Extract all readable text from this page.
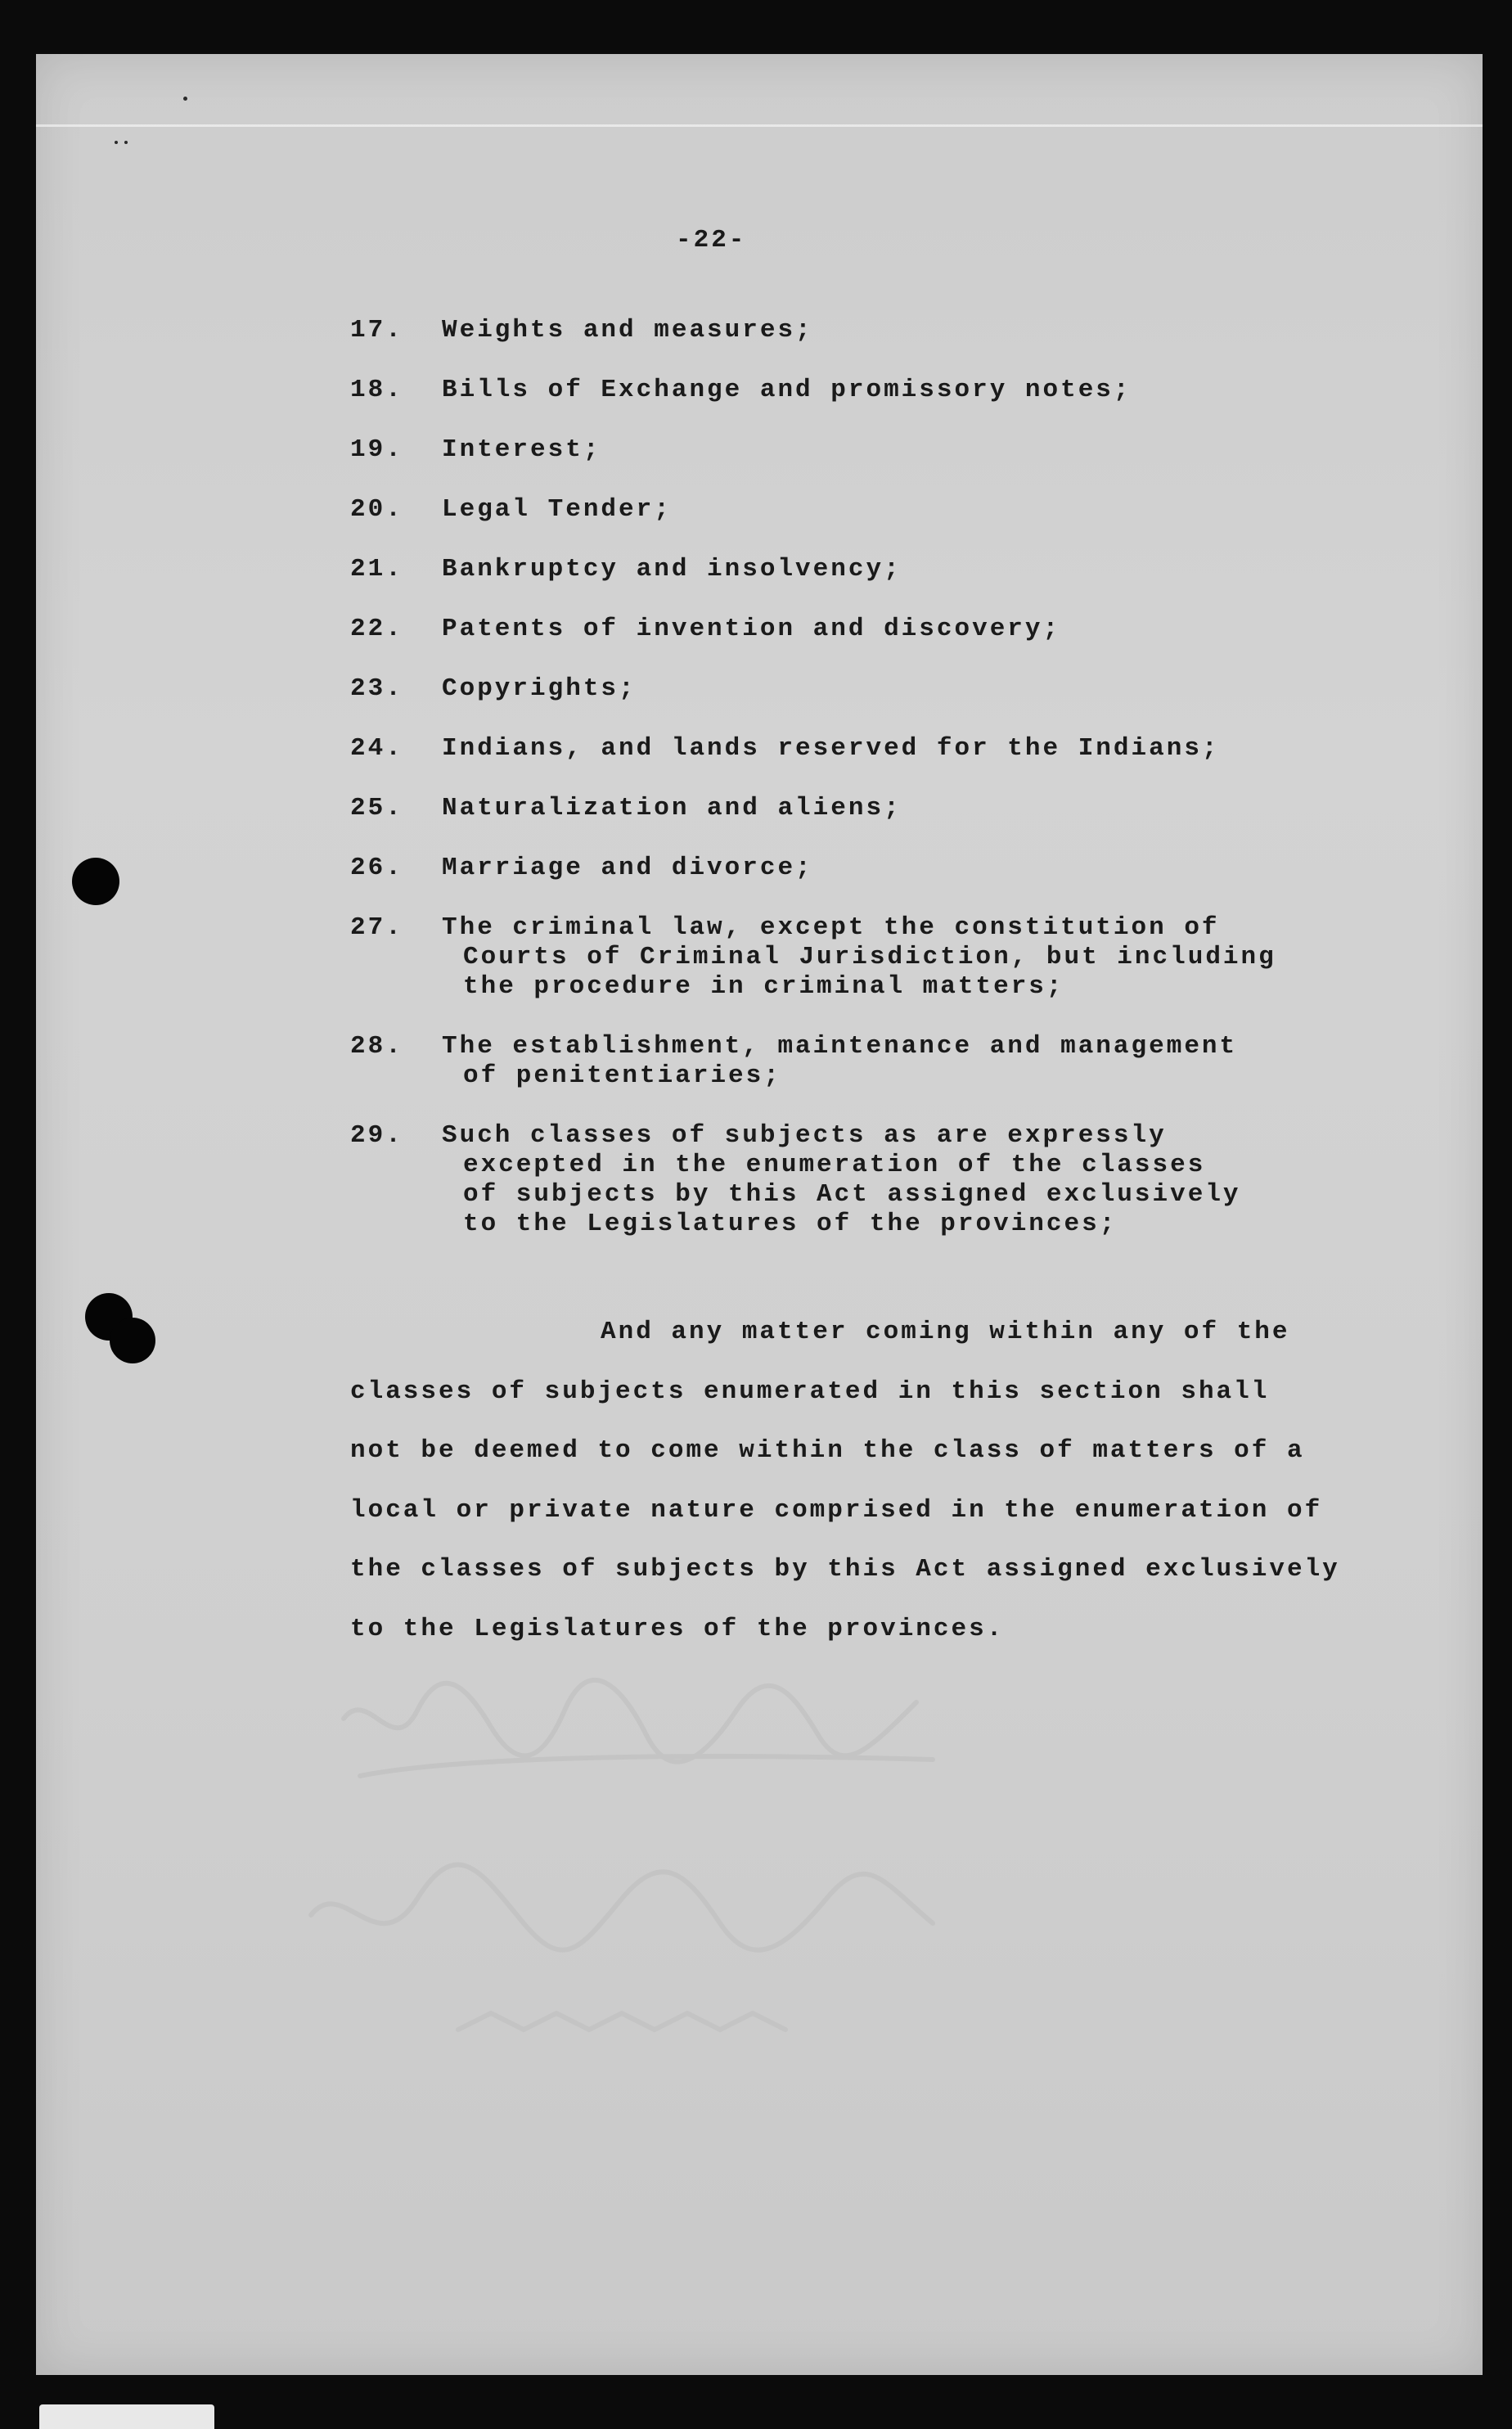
-22-
17.	Weights and measures;
18.	Bills of Exchange and promissory notes;
19.	Interest;
20.	Legal Tender;
21.	Bankruptcy and insolvency;
22.	Patents of invention and discovery;
23.	Copyrights;
24.	Indians, and lands reserved for the Indians;
25.	Naturalization and aliens;
26.	Marriage and divorce;
27.	The criminal law, except the constitution of
Courts of Criminal Jurisdiction, but including
the procedure in criminal matters;
28.	The establishment, maintenance and management
of penitentiaries;
29.	Such classes of subjects as are expressly
excepted in the enumeration of the classes
of subjects by this Act assigned exclusively
to the Legislatures of the provinces;
And any matter coming within any of the
classes of subjects enumerated in this section shall
not be deemed to come within the class of matters of a
local or private nature comprised in the enumeration of
the classes of subjects by this Act assigned exclusively
to the Legislatures of the provinces.
